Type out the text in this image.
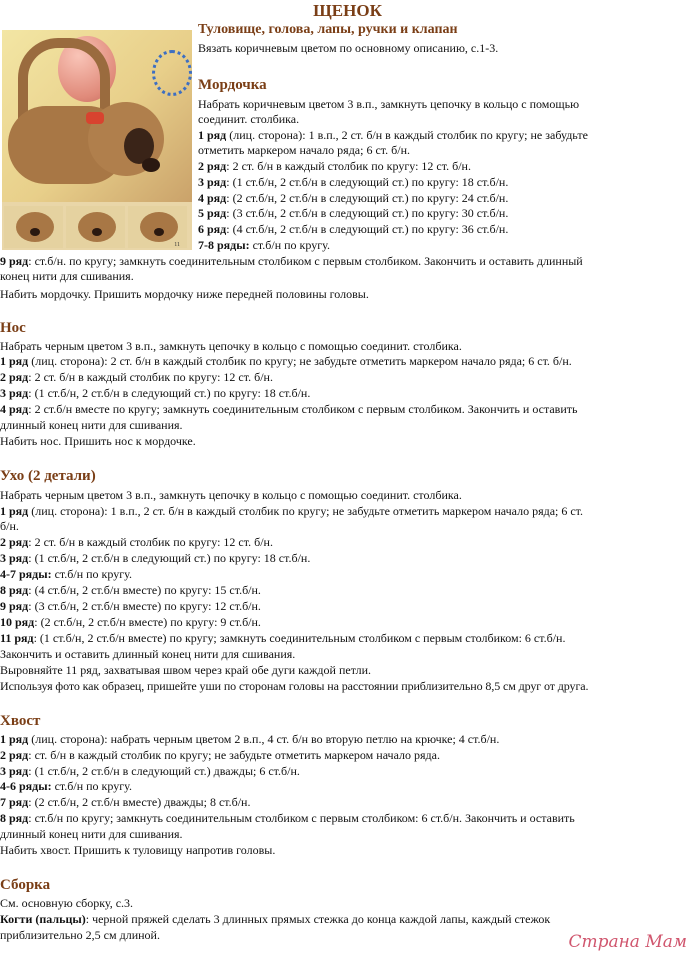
ЩЕНОК
11
Туловище, голова, лапы, ручки и клапан
Вязать коричневым цветом по основному описанию, с.1-3.
Мордочка
Набрать коричневым цветом 3 в.п., замкнуть цепочку в кольцо с помощью
соединит. столбика.
1 ряд (лиц. сторона): 1 в.п., 2 ст. б/н в каждый столбик по кругу; не забудьте
отметить маркером начало ряда; 6 ст. б/н.
2 ряд: 2 ст. б/н в каждый столбик по кругу: 12 ст. б/н.
3 ряд: (1 ст.б/н, 2 ст.б/н в следующий ст.) по кругу: 18 ст.б/н.
4 ряд: (2 ст.б/н, 2 ст.б/н в следующий ст.) по кругу: 24 ст.б/н.
5 ряд: (3 ст.б/н, 2 ст.б/н в следующий ст.) по кругу: 30 ст.б/н.
6 ряд: (4 ст.б/н, 2 ст.б/н в следующий ст.) по кругу: 36 ст.б/н.
7-8 ряды: ст.б/н по кругу.
9 ряд: ст.б/н. по кругу; замкнуть соединительным столбиком с первым столбиком. Закончить и оставить длинный
конец нити для сшивания.
Набить мордочку. Пришить мордочку ниже передней половины головы.
Нос
Набрать черным цветом 3 в.п., замкнуть цепочку в кольцо с помощью соединит. столбика.
1 ряд (лиц. сторона): 2 ст. б/н в каждый столбик по кругу; не забудьте отметить маркером начало ряда; 6 ст. б/н.
2 ряд: 2 ст. б/н в каждый столбик по кругу: 12 ст. б/н.
3 ряд: (1 ст.б/н, 2 ст.б/н в следующий ст.) по кругу: 18 ст.б/н.
4 ряд: 2 ст.б/н вместе по кругу; замкнуть соединительным столбиком с первым столбиком. Закончить и оставить
длинный конец нити для сшивания.
Набить нос. Пришить нос к мордочке.
Ухо (2 детали)
Набрать черным цветом 3 в.п., замкнуть цепочку в кольцо с помощью соединит. столбика.
1 ряд (лиц. сторона): 1 в.п., 2 ст. б/н в каждый столбик по кругу; не забудьте отметить маркером начало ряда; 6 ст.
б/н.
2 ряд: 2 ст. б/н в каждый столбик по кругу: 12 ст. б/н.
3 ряд: (1 ст.б/н, 2 ст.б/н в следующий ст.) по кругу: 18 ст.б/н.
4-7 ряды: ст.б/н по кругу.
8 ряд: (4 ст.б/н, 2 ст.б/н вместе) по кругу: 15 ст.б/н.
9 ряд: (3 ст.б/н, 2 ст.б/н вместе) по кругу: 12 ст.б/н.
10 ряд: (2 ст.б/н, 2 ст.б/н вместе) по кругу: 9 ст.б/н.
11 ряд: (1 ст.б/н, 2 ст.б/н вместе) по кругу; замкнуть соединительным столбиком с первым столбиком: 6 ст.б/н.
Закончить и оставить длинный конец нити для сшивания.
Выровняйте 11 ряд, захватывая швом через край обе дуги каждой петли.
Используя фото как образец, пришейте уши по сторонам головы на расстоянии приблизительно 8,5 см друг от друга.
Хвост
1 ряд (лиц. сторона): набрать черным цветом 2 в.п., 4 ст. б/н во вторую петлю на крючке; 4 ст.б/н.
2 ряд: ст. б/н в каждый столбик по кругу; не забудьте отметить маркером начало ряда.
3 ряд: (1 ст.б/н, 2 ст.б/н в следующий ст.) дважды; 6 ст.б/н.
4-6 ряды: ст.б/н по кругу.
7 ряд: (2 ст.б/н, 2 ст.б/н вместе) дважды; 8 ст.б/н.
8 ряд: ст.б/н по кругу; замкнуть соединительным столбиком с первым столбиком: 6 ст.б/н. Закончить и оставить
длинный конец нити для сшивания.
Набить хвост. Пришить к туловищу напротив головы.
Сборка
См. основную сборку, с.3.
Когти (пальцы): черной пряжей сделать 3 длинных прямых стежка до конца каждой лапы, каждый стежок
приблизительно 2,5 см длиной.	Страна Мам
